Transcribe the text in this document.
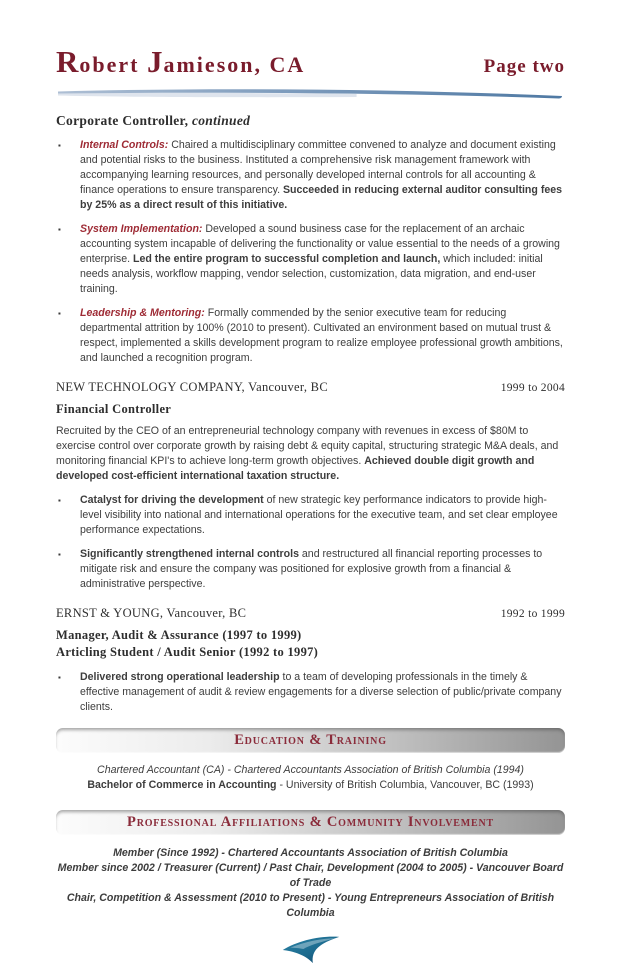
Robert Jamieson, CA	Page two
Corporate Controller, continued
▪	Internal Controls: Chaired a multidisciplinary committee convened to analyze and document existing and potential risks to the business. Instituted a comprehensive risk management framework with accompanying learning resources, and personally developed internal controls for all accounting & finance operations to ensure transparency. Succeeded in reducing external auditor consulting fees by 25% as a direct result of this initiative.
▪	System Implementation: Developed a sound business case for the replacement of an archaic accounting system incapable of delivering the functionality or value essential to the needs of a growing enterprise. Led the entire program to successful completion and launch, which included: initial needs analysis, workflow mapping, vendor selection, customization, data migration, and end-user training.
▪	Leadership & Mentoring: Formally commended by the senior executive team for reducing departmental attrition by 100% (2010 to present). Cultivated an environment based on mutual trust & respect, implemented a skills development program to realize employee professional growth ambitions, and launched a recognition program.
NEW TECHNOLOGY COMPANY, Vancouver, BC	1999 to 2004
Financial Controller
Recruited by the CEO of an entrepreneurial technology company with revenues in excess of $80M to exercise control over corporate growth by raising debt & equity capital, structuring strategic M&A deals, and monitoring financial KPI's to achieve long-term growth objectives. Achieved double digit growth and developed cost-efficient international taxation structure.
▪	Catalyst for driving the development of new strategic key performance indicators to provide high-level visibility into national and international operations for the executive team, and set clear employee performance expectations.
▪	Significantly strengthened internal controls and restructured all financial reporting processes to mitigate risk and ensure the company was positioned for explosive growth from a financial & administrative perspective.
ERNST & YOUNG, Vancouver, BC	1992 to 1999
Manager, Audit & Assurance (1997 to 1999)
Articling Student / Audit Senior (1992 to 1997)
▪	Delivered strong operational leadership to a team of developing professionals in the timely & effective management of audit & review engagements for a diverse selection of public/private company clients.
Education & Training
Chartered Accountant (CA) - Chartered Accountants Association of British Columbia (1994)
Bachelor of Commerce in Accounting - University of British Columbia, Vancouver, BC (1993)
Professional Affiliations & Community Involvement
Member (Since 1992) - Chartered Accountants Association of British Columbia
Member since 2002 / Treasurer (Current) / Past Chair, Development (2004 to 2005) - Vancouver Board of Trade
Chair, Competition & Assessment (2010 to Present) - Young Entrepreneurs Association of British Columbia
